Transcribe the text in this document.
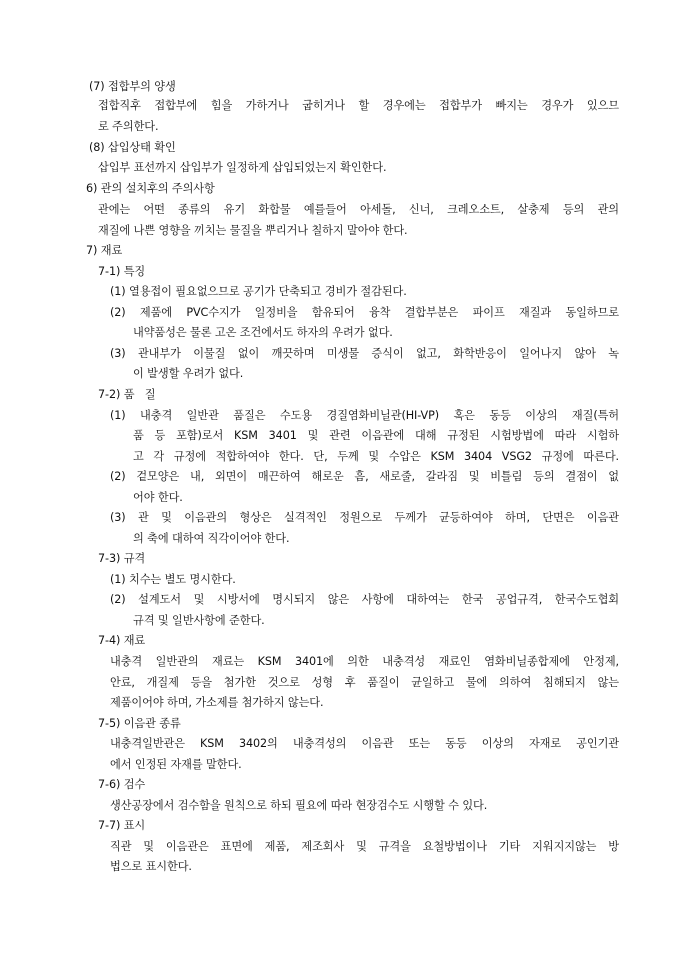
(7) 접합부의 양생
접합직후 접합부에 힘을 가하거나 굽히거나 할 경우에는 접합부가 빠지는 경우가 있으므
로 주의한다.
(8) 삽입상태 확인
삽입부 표선까지 삽입부가 일정하게 삽입되었는지 확인한다.
6) 관의 설치후의 주의사항
관에는 어떤 종류의 유기 화합물 예를들어 아세돌, 신너, 크레오소트, 살충제 등의 관의
재질에 나쁜 영향을 끼치는 물질을 뿌리거나 칠하지 말아야 한다.
7) 재료
7-1) 특징
(1) 열용접이 필요없으므로 공기가 단축되고 경비가 절감된다.
(2) 제품에 PVC수지가 일정비을 함유되어 융착 결합부분은 파이프 재질과 동일하므로
내약품성은 물론 고온 조건에서도 하자의 우려가 없다.
(3) 관내부가 이물질 없이 깨끗하며 미생물 증식이 없고, 화학반응이 일어나지 않아 녹
이 발생할 우려가 없다.
7-2) 품   질
(1) 내충격 일반관 품질은 수도용 경질염화비닐관(HI-VP) 혹은 동등 이상의 재질(특허
품 등 포함)로서 KSM 3401 및 관련 이음관에 대해 규정된 시험방법에 따라 시험하
고 각 규정에 적합하여야 한다. 단, 두께 및 수압은 KSM 3404 VSG2 규정에 따른다.
(2) 겉모양은 내, 외면이 매끈하여 해로운 흠, 새로줄, 갈라짐 및 비틀림 등의 결점이 없
어야 한다.
(3) 관 및 이음관의 형상은 실격적인 정원으로 두께가 균등하여야 하며, 단면은 이음관
의 축에 대하여 직각이어야 한다.
7-3) 규격
(1) 치수는 별도 명시한다.
(2) 설계도서 및 시방서에 명시되지 않은 사항에 대하여는 한국 공업규격, 한국수도협회
규격 및 일반사항에 준한다.
7-4) 재료
내충격 일반관의 재료는 KSM 3401에 의한 내충격성 재료인 염화비닐종합제에 안정제,
안료, 개질제 등을 첨가한 것으로 성형 후 품질이 균일하고 물에 의하여 침해되지 않는
제품이어야 하며, 가소제를 첨가하지 않는다.
7-5) 이음관 종류
내충격일반관은 KSM 3402의 내충격성의 이음관 또는 동등 이상의 자재로 공인기관
에서 인정된 자재를 말한다.
7-6) 검수
생산공장에서 검수함을 원칙으로 하되 필요에 따라 현장검수도 시행할 수 있다.
7-7) 표시
직관 및 이음관은 표면에 제품, 제조회사 및 규격을 요철방법이나 기타 지워지지않는 방
법으로 표시한다.
